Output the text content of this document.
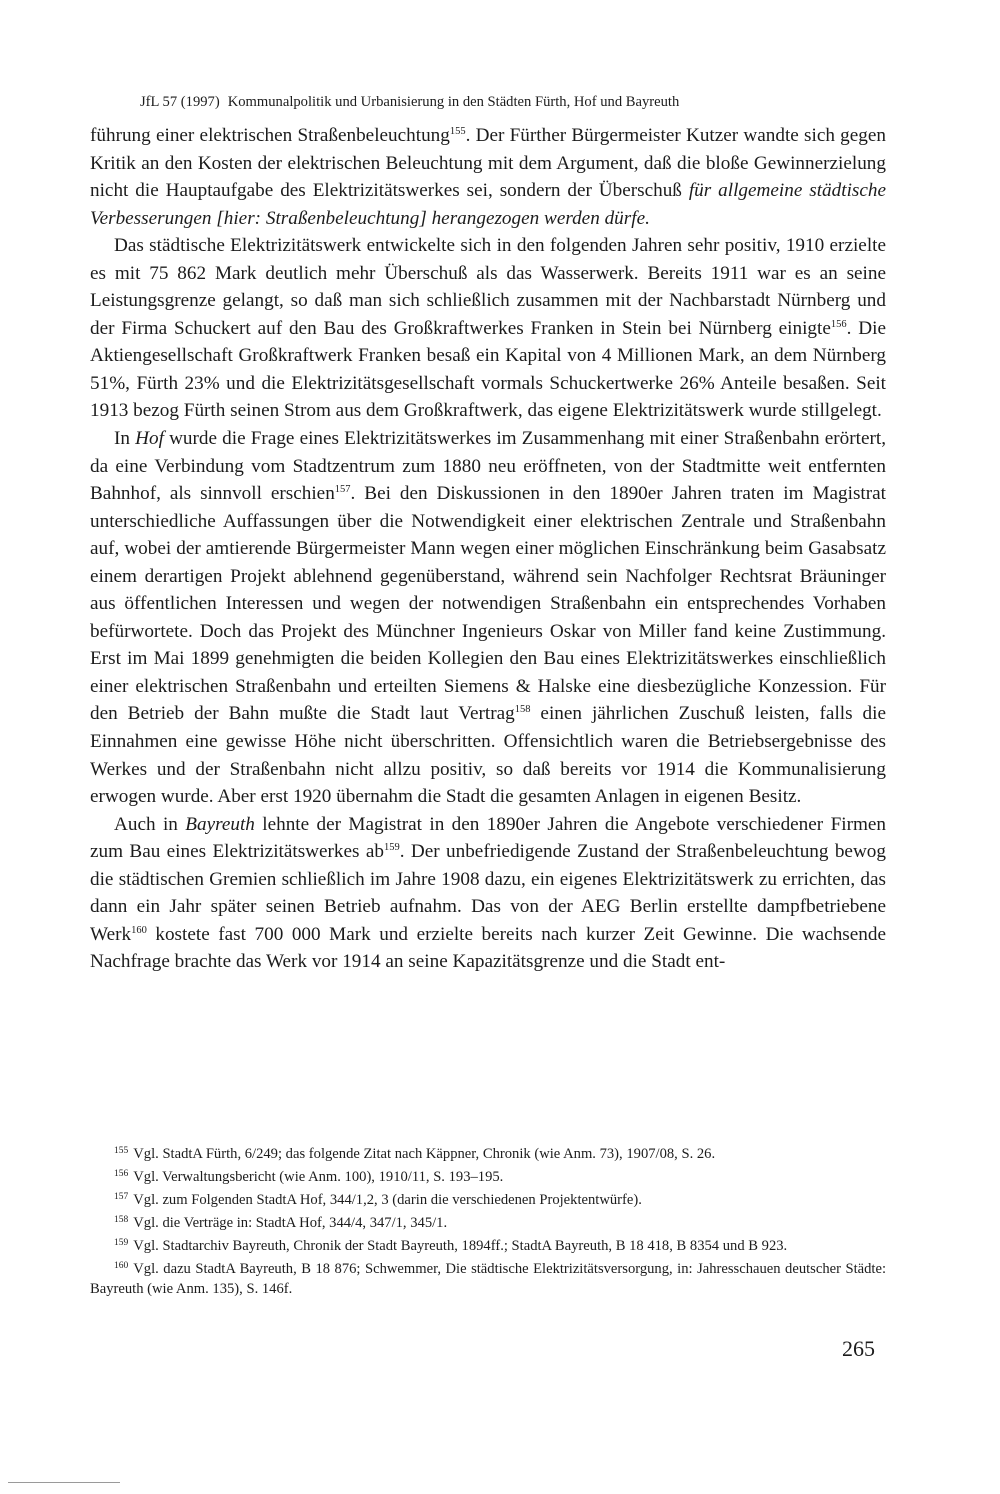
JfL 57 (1997) Kommunalpolitik und Urbanisierung in den Städten Fürth, Hof und Bayreuth

führung einer elektrischen Straßenbeleuchtung$^{155}$. Der Fürther Bürgermeister Kutzer wandte sich gegen Kritik an den Kosten der elektrischen Beleuchtung mit dem Argument, daß die bloße Gewinnerzielung nicht die Hauptaufgabe des Elektrizitätswerkes sei, sondern der Überschuß für allgemeine städtische Verbesserungen [hier: Straßenbeleuchtung] herangezogen werden dürfe.

Das städtische Elektrizitätswerk entwickelte sich in den folgenden Jahren sehr positiv, 1910 erzielte es mit 75 862 Mark deutlich mehr Überschuß als das Wasserwerk. Bereits 1911 war es an seine Leistungsgrenze gelangt, so daß man sich schließlich zusammen mit der Nachbarstadt Nürnberg und der Firma Schuckert auf den Bau des Großkraftwerkes Franken in Stein bei Nürnberg einigte$^{156}$. Die Aktiengesellschaft Großkraftwerk Franken besaß ein Kapital von 4 Millionen Mark, an dem Nürnberg 51%, Fürth 23% und die Elektrizitätsgesellschaft vormals Schuckertwerke 26% Anteile besaßen. Seit 1913 bezog Fürth seinen Strom aus dem Großkraftwerk, das eigene Elektrizitätswerk wurde stillgelegt.

In Hof wurde die Frage eines Elektrizitätswerkes im Zusammenhang mit einer Straßenbahn erörtert, da eine Verbindung vom Stadtzentrum zum 1880 neu eröffneten, von der Stadtmitte weit entfernten Bahnhof, als sinnvoll erschien$^{157}$. Bei den Diskussionen in den 1890er Jahren traten im Magistrat unterschiedliche Auffassungen über die Notwendigkeit einer elektrischen Zentrale und Straßenbahn auf, wobei der amtierende Bürgermeister Mann wegen einer möglichen Einschränkung beim Gasabsatz einem derartigen Projekt ablehnend gegenüberstand, während sein Nachfolger Rechtsrat Bräuninger aus öffentlichen Interessen und wegen der notwendigen Straßenbahn ein entsprechendes Vorhaben befürwortete. Doch das Projekt des Münchner Ingenieurs Oskar von Miller fand keine Zustimmung. Erst im Mai 1899 genehmigten die beiden Kollegien den Bau eines Elektrizitätswerkes einschließlich einer elektrischen Straßenbahn und erteilten Siemens & Halske eine diesbezügliche Konzession. Für den Betrieb der Bahn mußte die Stadt laut Vertrag$^{158}$ einen jährlichen Zuschuß leisten, falls die Einnahmen eine gewisse Höhe nicht überschritten. Offensichtlich waren die Betriebsergebnisse des Werkes und der Straßenbahn nicht allzu positiv, so daß bereits vor 1914 die Kommunalisierung erwogen wurde. Aber erst 1920 übernahm die Stadt die gesamten Anlagen in eigenen Besitz.

Auch in Bayreuth lehnte der Magistrat in den 1890er Jahren die Angebote verschiedener Firmen zum Bau eines Elektrizitätswerkes $ab^{159}$. Der unbefriedigende Zustand der Straßenbeleuchtung bewog die städtischen Gremien schließlich im Jahre 1908 dazu, ein eigenes Elektrizitätswerk zu errichten, das dann ein Jahr später seinen Betrieb aufnahm. Das von der AEG Berlin erstellte dampfbetriebene Werk$^{160}$ kostete fast 700 000 Mark und erzielte bereits nach kurzer Zeit Gewinne. Die wachsende Nachfrage brachte das Werk vor 1914 an seine Kapazitätsgrenze und die Stadt ent-

$^{155}$ Vgl. StadtA Fürth, 6/249; das folgende Zitat nach Käppner, Chronik (wie Anm. 73), 1907/08, S. 26.

$^{156}$ Vgl. Verwaltungsbericht (wie Anm. 100), 1910/11, S. 193–195.

$^{157}$ Vgl. zum Folgenden StadtA Hof, 344/1,2, 3 (darin die verschiedenen Projektentwürfe).

$^{158}$ Vgl. die Verträge in: StadtA Hof, 344/4, 347/1, 345/1.

$^{159}$ Vgl. Stadtarchiv Bayreuth, Chronik der Stadt Bayreuth, 1894ff.; StadtA Bayreuth, B 18 418, B 8354 und B 923.

$^{160}$ Vgl. dazu StadtA Bayreuth, B 18 876; Schwemmer, Die städtische Elektrizitätsversorgung, in: Jahresschauen deutscher Städte: Bayreuth (wie Anm. 135), S. 146f.

265
